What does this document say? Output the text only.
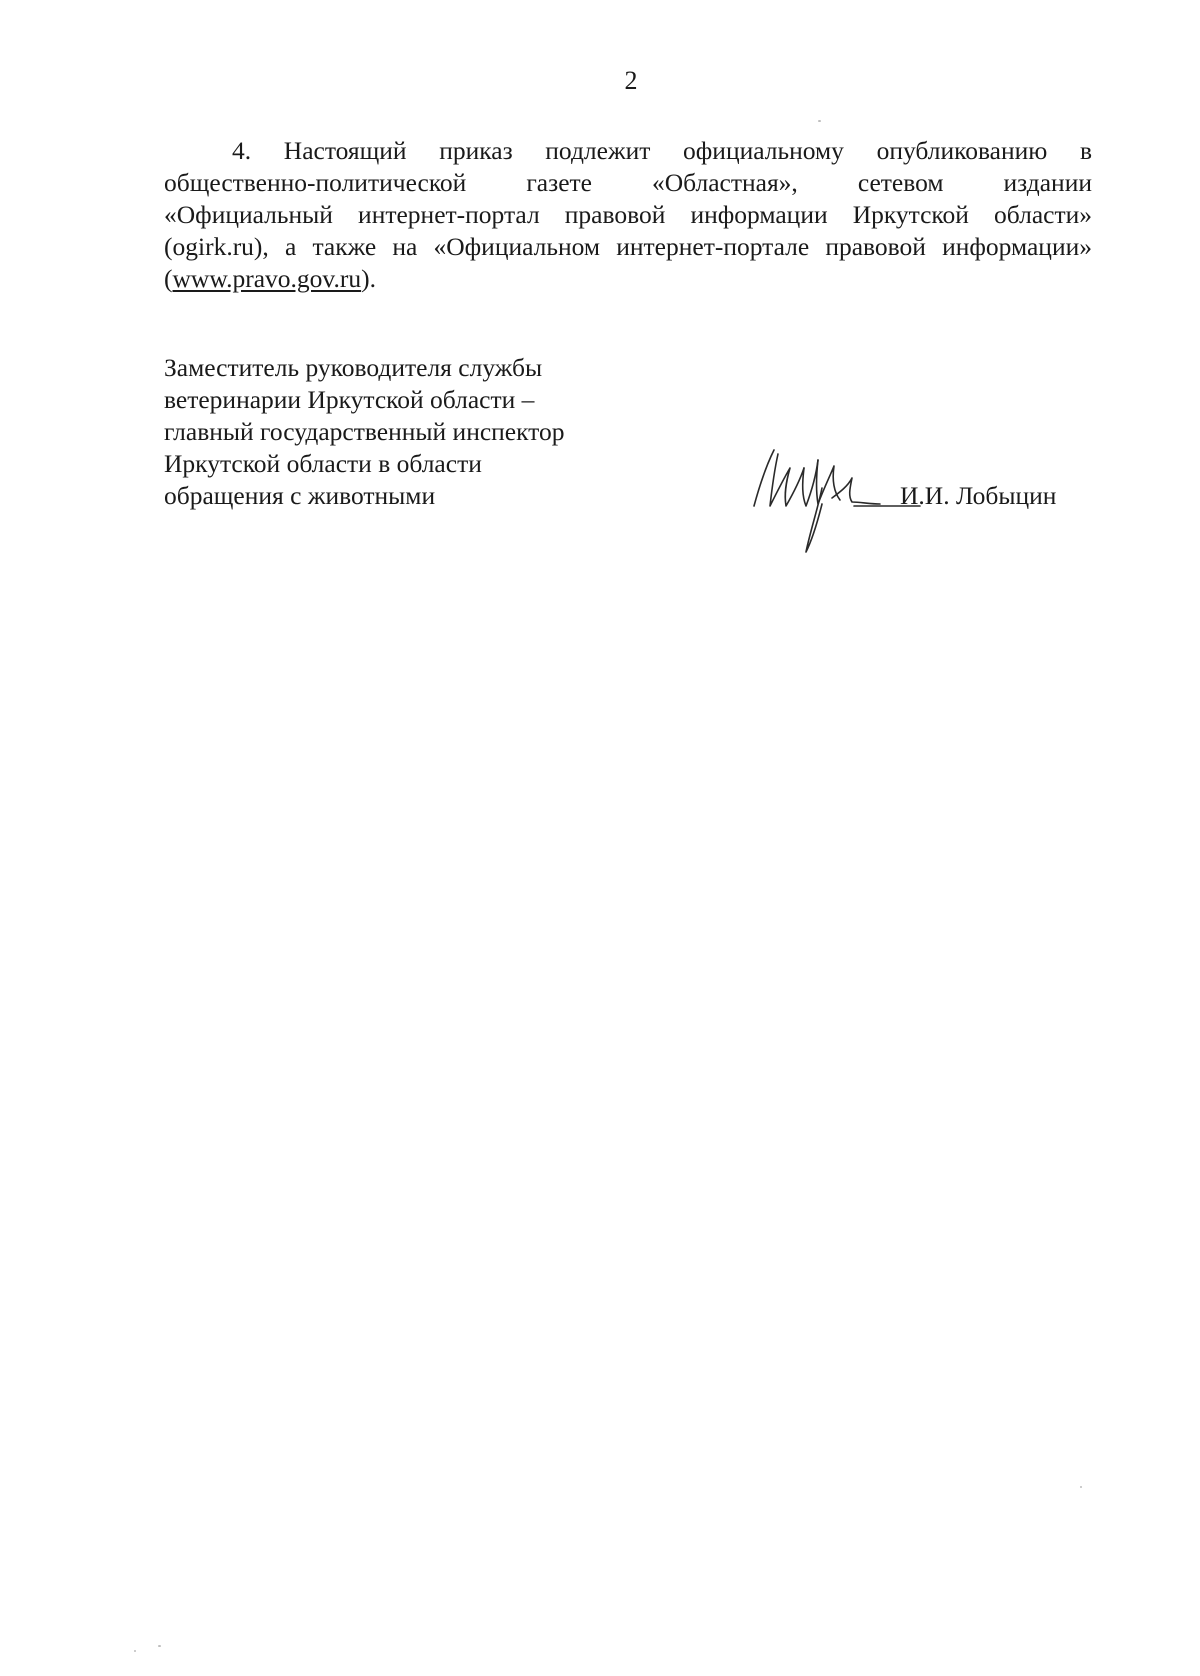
2
4. Настоящий приказ подлежит официальному опубликованию в
общественно-политической газете «Областная», сетевом издании
«Официальный интернет-портал правовой информации Иркутской области»
(ogirk.ru), а также на «Официальном интернет-портале правовой информации»
(www.pravo.gov.ru).
Заместитель руководителя службы
ветеринарии Иркутской области –
главный государственный инспектор
Иркутской области в области
обращения с животными	И.И. Лобыцин
